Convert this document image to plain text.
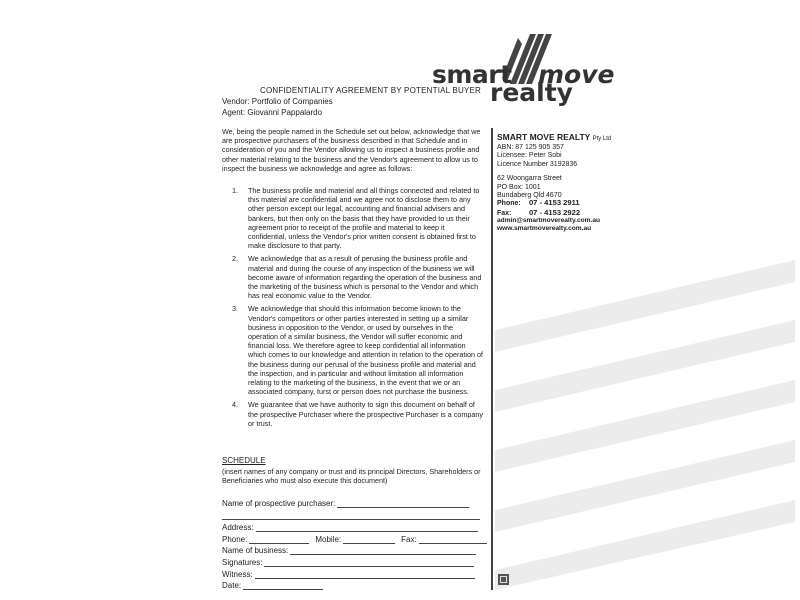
smart move
realty
CONFIDENTIALITY AGREEMENT BY POTENTIAL BUYER
Vendor: Portfolio of Companies
Agent: Giovanni Pappalardo
We, being the people named in the Schedule set out below, acknowledge that we are prospective purchasers of the business described in that Schedule and in consideration of you and the Vendor allowing us to inspect a business profile and other material relating to the business and the Vendor's agreement to allow us to inspect the business we acknowledge and agree as follows:
1. The business profile and material and all things connected and related to this material are confidential and we agree not to disclose them to any other person except our legal, accounting and financial advisers and bankers, but then only on the basis that they have provided to us their agreement prior to receipt of the profile and material to keep it confidential, unless the Vendor's prior written consent is obtained first to make disclosure to that party.
2. We acknowledge that as a result of perusing the business profile and material and during the course of any inspection of the business we will become aware of information regarding the operation of the business and the marketing of the business which is personal to the Vendor and which has real economic value to the Vendor.
3. We acknowledge that should this information become known to the Vendor's competitors or other parties interested in setting up a similar business in opposition to the Vendor, or used by ourselves in the operation of a similar business, the Vendor will suffer economic and financial loss. We therefore agree to keep confidential all information which comes to our knowledge and attention in relation to the operation of the business during our perusal of the business profile and material and the inspection, and in particular and without limitation all information relating to the marketing of the business, in the event that we or an associated company, turst or person does not purchase the business.
4. We guarantee that we have authority to sign this document on behalf of the prospective Purchaser where the prospective Purchaser is a company or trust.
SCHEDULE
(insert names of any company or trust and its principal Directors, Shareholders or Beneficiaries who must also execute this document)
Name of prospective purchaser:
Address:
Phone:	Mobile:	Fax:
Name of business:
Signatures:
Witness:
Date:
SMART MOVE REALTY Pty Ltd
ABN: 87 125 905 357
Licensee: Peter Sobi
Licence Number 3192836
62 Woongarra Street
PO Box: 1001
Bundaberg Qld 4670
Phone: 07 - 4153 2911
Fax: 07 - 4153 2922
admin@smartmoverealty.com.au
www.smartmoverealty.com.au
